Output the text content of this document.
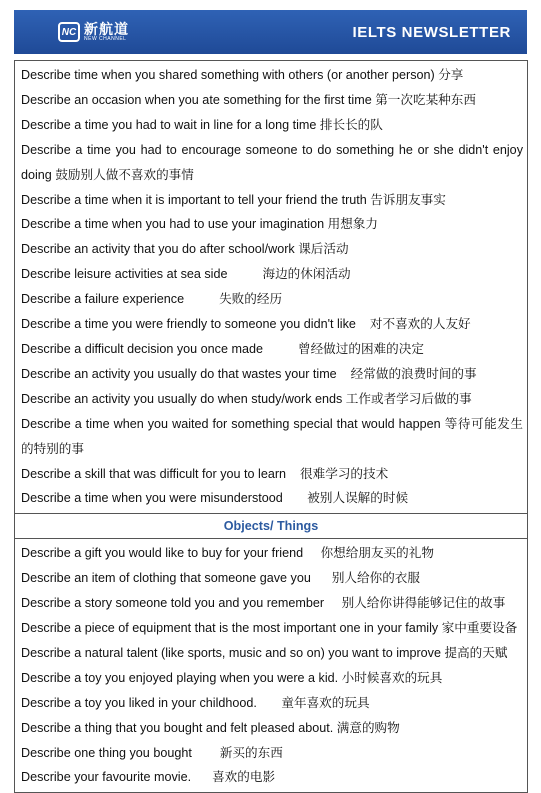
NC 新航道
NEW CHANNEL	IELTS NEWSLETTER
Describe time when you shared something with others (or another person) 分享
Describe an occasion when you ate something for the first time 第一次吃某种东西
Describe a time you had to wait in line for a long time 排长长的队
Describe a time you had to encourage someone to do something he or she didn't enjoy doing 鼓励别人做不喜欢的事情
Describe a time when it is important to tell your friend the truth 告诉朋友事实
Describe a time when you had to use your imagination 用想象力
Describe an activity that you do after school/work 课后活动
Describe leisure activities at sea side          海边的休闲活动
Describe a failure experience          失败的经历
Describe a time you were friendly to someone you didn't like    对不喜欢的人友好
Describe a difficult decision you once made          曾经做过的困难的决定
Describe an activity you usually do that wastes your time    经常做的浪费时间的事
Describe an activity you usually do when study/work ends 工作或者学习后做的事
Describe a time when you waited for something special that would happen 等待可能发生的特别的事
Describe a skill that was difficult for you to learn    很难学习的技术
Describe a time when you were misunderstood       被别人误解的时候
Objects/ Things
Describe a gift you would like to buy for your friend     你想给朋友买的礼物
Describe an item of clothing that someone gave you      别人给你的衣服
Describe a story someone told you and you remember     别人给你讲得能够记住的故事
Describe a piece of equipment that is the most important one in your family 家中重要设备
Describe a natural talent (like sports, music and so on) you want to improve 提高的天赋
Describe a toy you enjoyed playing when you were a kid. 小时候喜欢的玩具
Describe a toy you liked in your childhood.       童年喜欢的玩具
Describe a thing that you bought and felt pleased about. 满意的购物
Describe one thing you bought        新买的东西
Describe your favourite movie.      喜欢的电影
